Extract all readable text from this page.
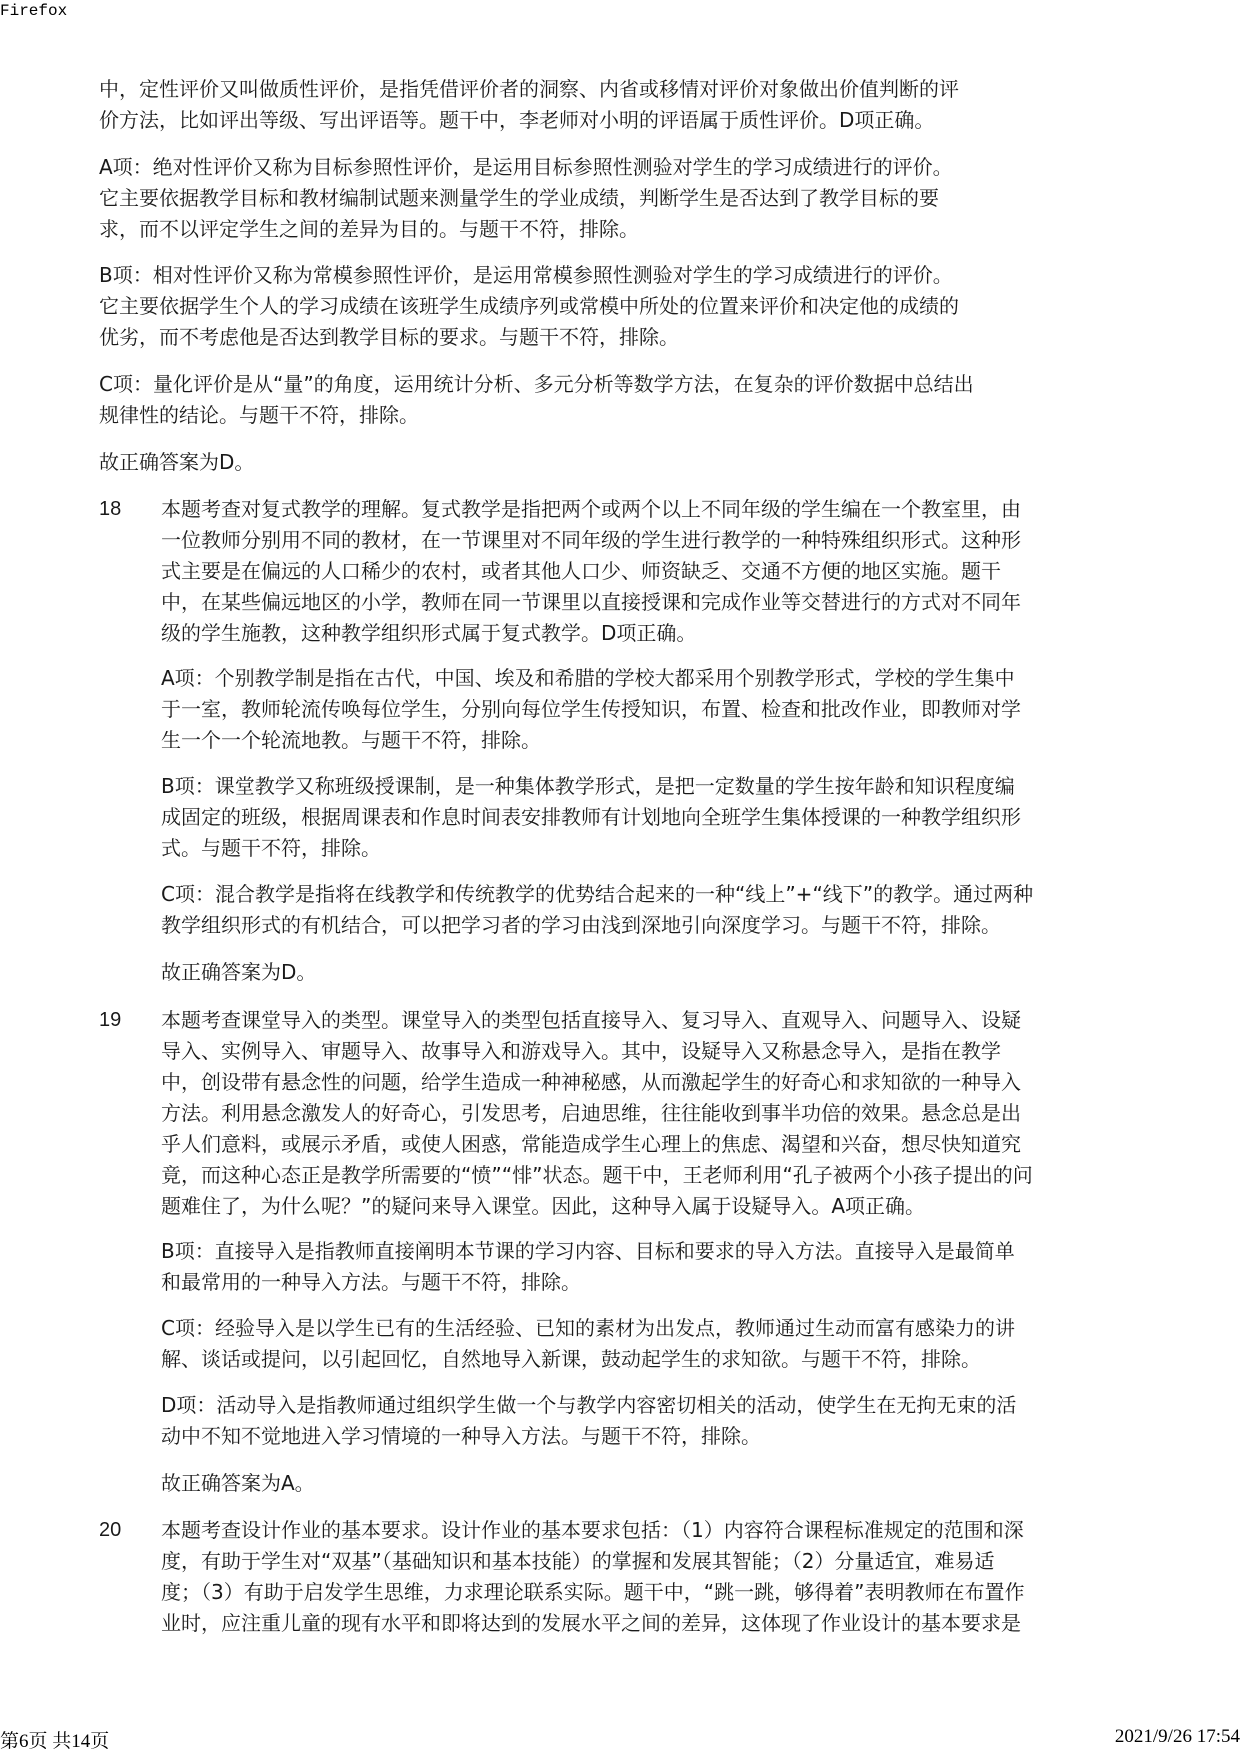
Firefox
中，定性评价又叫做质性评价，是指凭借评价者的洞察、内省或移情对评价对象做出价值判断的评
价方法，比如评出等级、写出评语等。题干中，李老师对小明的评语属于质性评价。D项正确。
A项：绝对性评价又称为目标参照性评价，是运用目标参照性测验对学生的学习成绩进行的评价。
它主要依据教学目标和教材编制试题来测量学生的学业成绩，判断学生是否达到了教学目标的要
求，而不以评定学生之间的差异为目的。与题干不符，排除。
B项：相对性评价又称为常模参照性评价，是运用常模参照性测验对学生的学习成绩进行的评价。
它主要依据学生个人的学习成绩在该班学生成绩序列或常模中所处的位置来评价和决定他的成绩的
优劣，而不考虑他是否达到教学目标的要求。与题干不符，排除。
C项：量化评价是从“量”的角度，运用统计分析、多元分析等数学方法，在复杂的评价数据中总结出
规律性的结论。与题干不符，排除。
故正确答案为D。
18 本题考查对复式教学的理解。复式教学是指把两个或两个以上不同年级的学生编在一个教室里，由
一位教师分别用不同的教材，在一节课里对不同年级的学生进行教学的一种特殊组织形式。这种形
式主要是在偏远的人口稀少的农村，或者其他人口少、师资缺乏、交通不方便的地区实施。题干
中，在某些偏远地区的小学，教师在同一节课里以直接授课和完成作业等交替进行的方式对不同年
级的学生施教，这种教学组织形式属于复式教学。D项正确。
A项：个别教学制是指在古代，中国、埃及和希腊的学校大都采用个别教学形式，学校的学生集中
于一室，教师轮流传唤每位学生，分别向每位学生传授知识，布置、检查和批改作业，即教师对学
生一个一个轮流地教。与题干不符，排除。
B项：课堂教学又称班级授课制，是一种集体教学形式，是把一定数量的学生按年龄和知识程度编
成固定的班级，根据周课表和作息时间表安排教师有计划地向全班学生集体授课的一种教学组织形
式。与题干不符，排除。
C项：混合教学是指将在线教学和传统教学的优势结合起来的一种“线上”+“线下”的教学。通过两种
教学组织形式的有机结合，可以把学习者的学习由浅到深地引向深度学习。与题干不符，排除。
故正确答案为D。
19 本题考查课堂导入的类型。课堂导入的类型包括直接导入、复习导入、直观导入、问题导入、设疑
导入、实例导入、审题导入、故事导入和游戏导入。其中，设疑导入又称悬念导入，是指在教学
中，创设带有悬念性的问题，给学生造成一种神秘感，从而激起学生的好奇心和求知欲的一种导入
方法。利用悬念激发人的好奇心，引发思考，启迪思维，往往能收到事半功倍的效果。悬念总是出
乎人们意料，或展示矛盾，或使人困惑，常能造成学生心理上的焦虑、渴望和兴奋，想尽快知道究
竟，而这种心态正是教学所需要的“愤”“悱”状态。题干中，王老师利用“孔子被两个小孩子提出的问
题难住了，为什么呢？”的疑问来导入课堂。因此，这种导入属于设疑导入。A项正确。
B项：直接导入是指教师直接阐明本节课的学习内容、目标和要求的导入方法。直接导入是最简单
和最常用的一种导入方法。与题干不符，排除。
C项：经验导入是以学生已有的生活经验、已知的素材为出发点，教师通过生动而富有感染力的讲
解、谈话或提问，以引起回忆，自然地导入新课，鼓动起学生的求知欲。与题干不符，排除。
D项：活动导入是指教师通过组织学生做一个与教学内容密切相关的活动，使学生在无拘无束的活
动中不知不觉地进入学习情境的一种导入方法。与题干不符，排除。
故正确答案为A。
20 本题考查设计作业的基本要求。设计作业的基本要求包括：（1）内容符合课程标准规定的范围和深
度，有助于学生对“双基”（基础知识和基本技能）的掌握和发展其智能；（2）分量适宜，难易适
度；（3）有助于启发学生思维，力求理论联系实际。题干中，“跳一跳，够得着”表明教师在布置作
业时，应注重儿童的现有水平和即将达到的发展水平之间的差异，这体现了作业设计的基本要求是
第6页 共14页	2021/9/26 17:54
